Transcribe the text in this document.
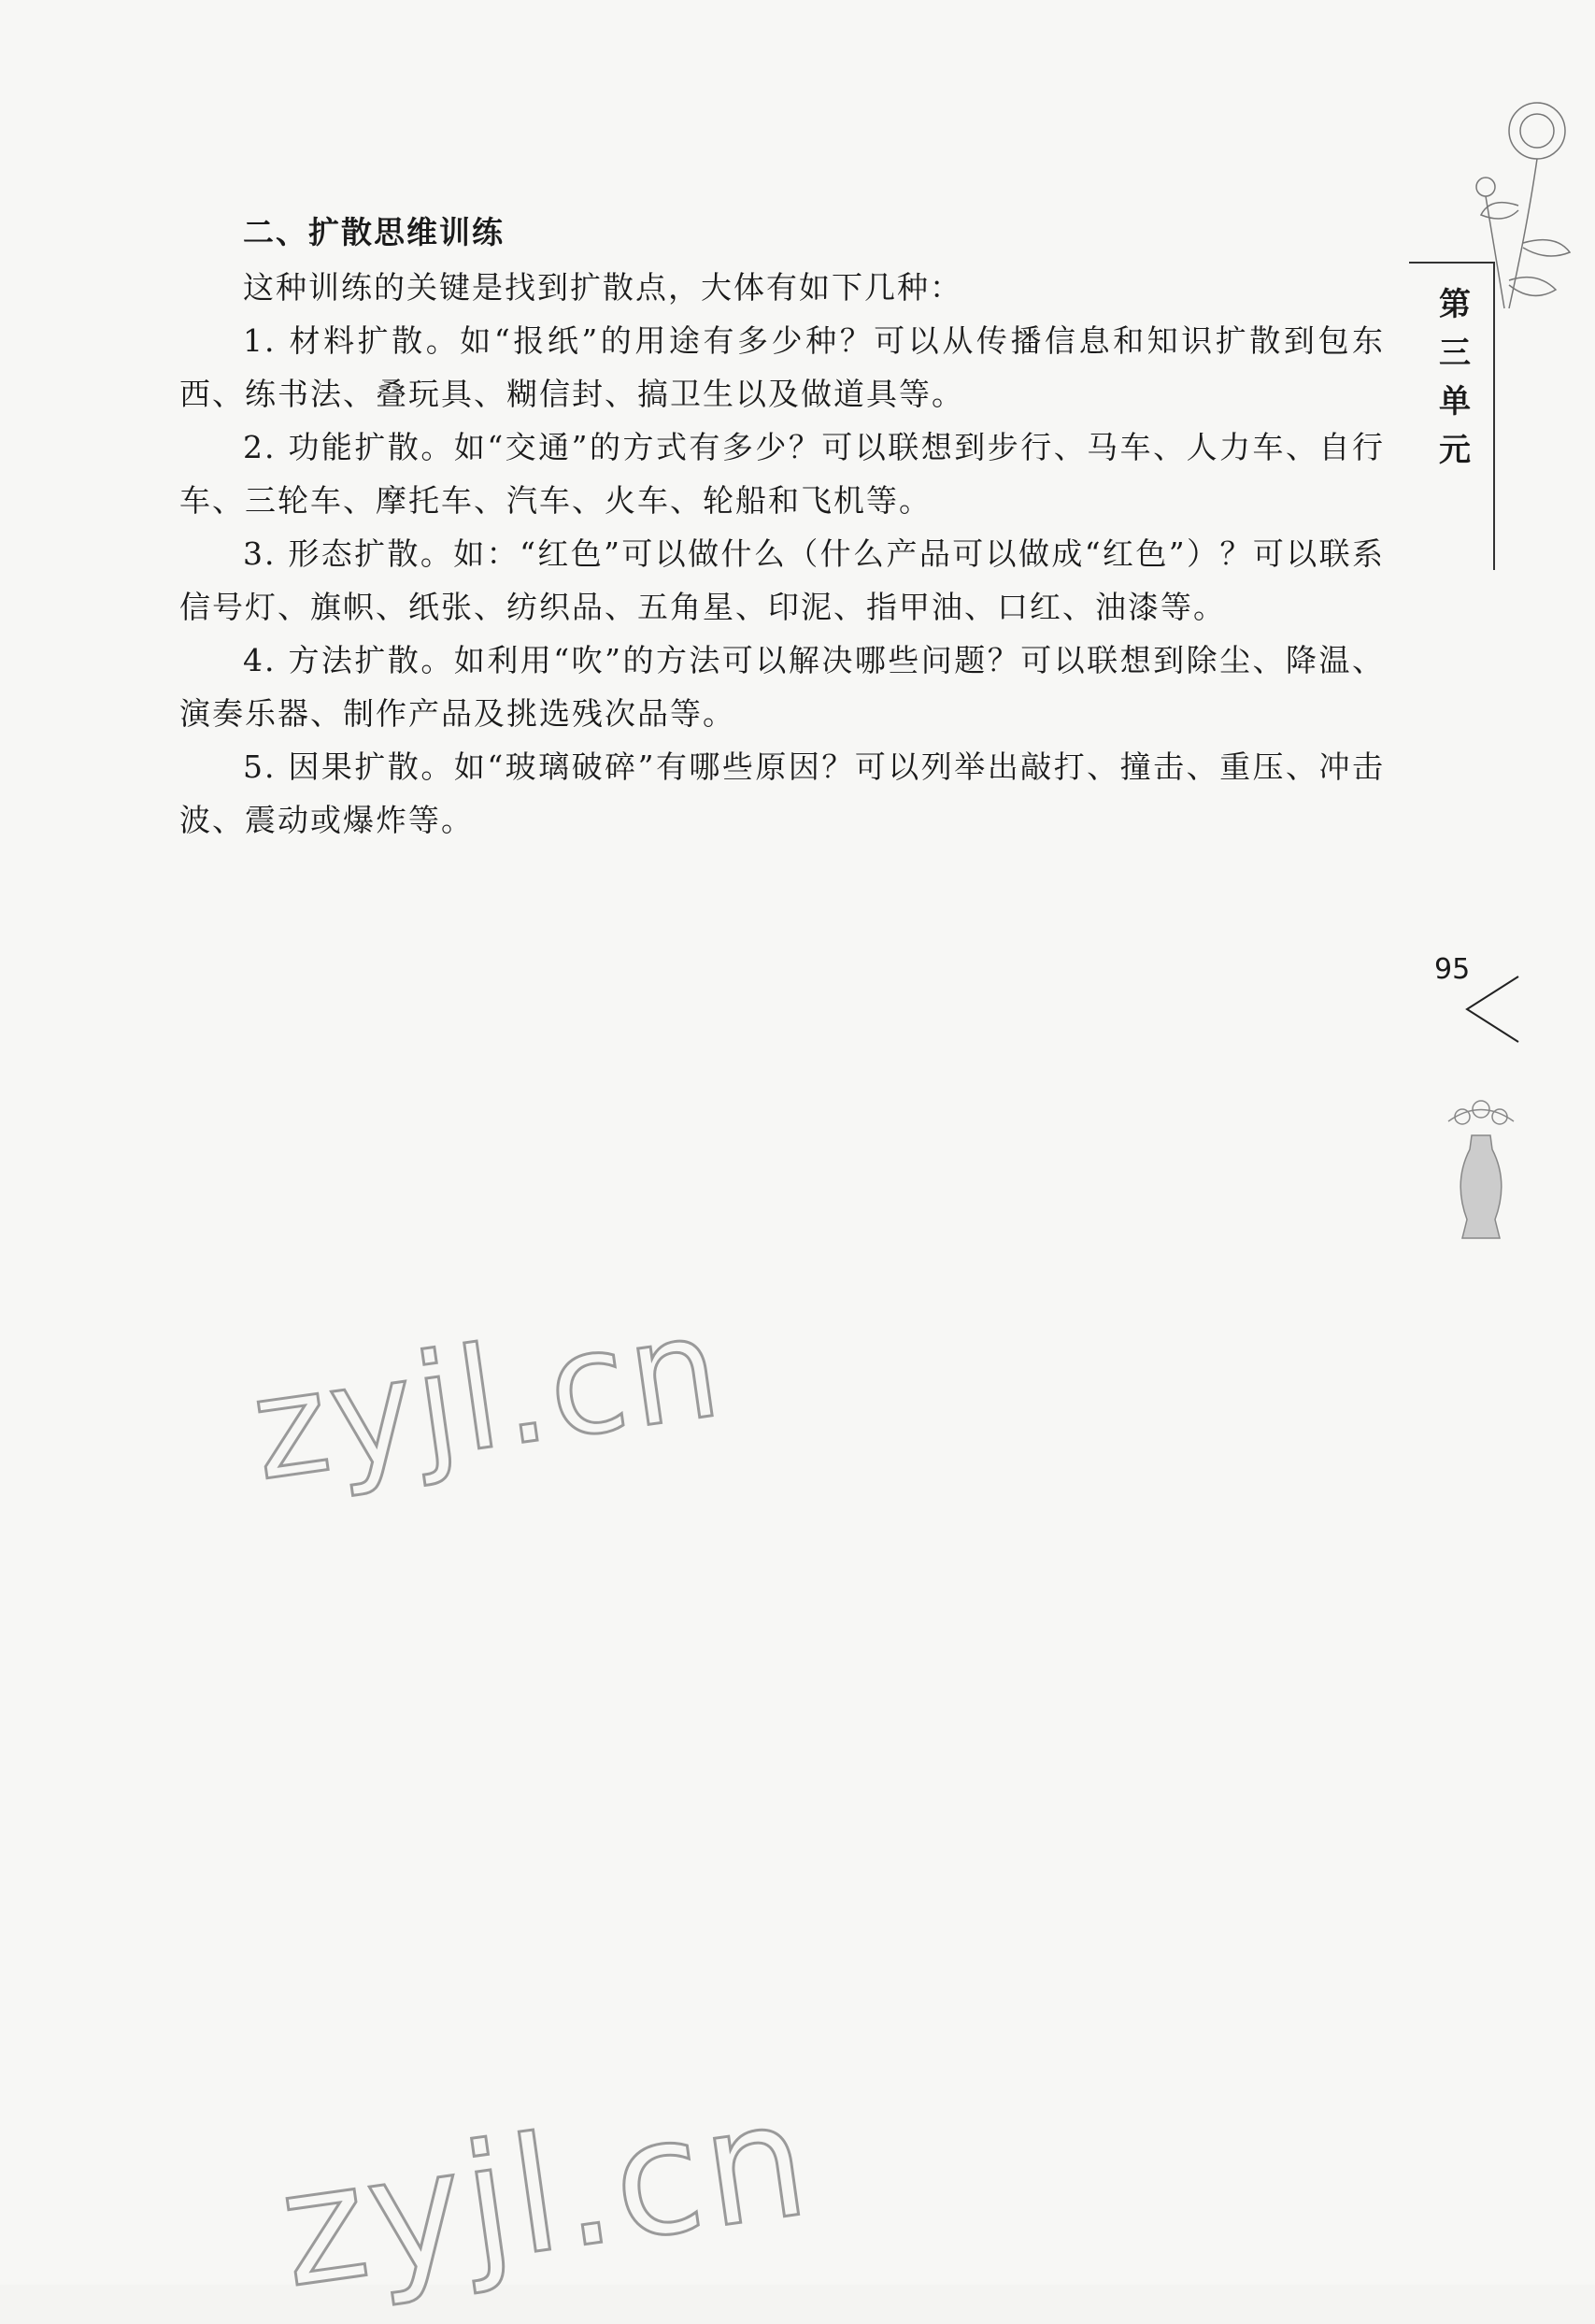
第
三
单
元
二、扩散思维训练

这种训练的关键是找到扩散点，大体有如下几种：

1. 材料扩散。如“报纸”的用途有多少种？可以从传播信息和知识扩散到包东西、练书法、叠玩具、糊信封、搞卫生以及做道具等。

2. 功能扩散。如“交通”的方式有多少？可以联想到步行、马车、人力车、自行车、三轮车、摩托车、汽车、火车、轮船和飞机等。

3. 形态扩散。如：“红色”可以做什么（什么产品可以做成“红色”）？可以联系信号灯、旗帜、纸张、纺织品、五角星、印泥、指甲油、口红、油漆等。

4. 方法扩散。如利用“吹”的方法可以解决哪些问题？可以联想到除尘、降温、演奏乐器、制作产品及挑选残次品等。

5. 因果扩散。如“玻璃破碎”有哪些原因？可以列举出敲打、撞击、重压、冲击波、震动或爆炸等。

95
zyjl.cn
zyjl.cn
